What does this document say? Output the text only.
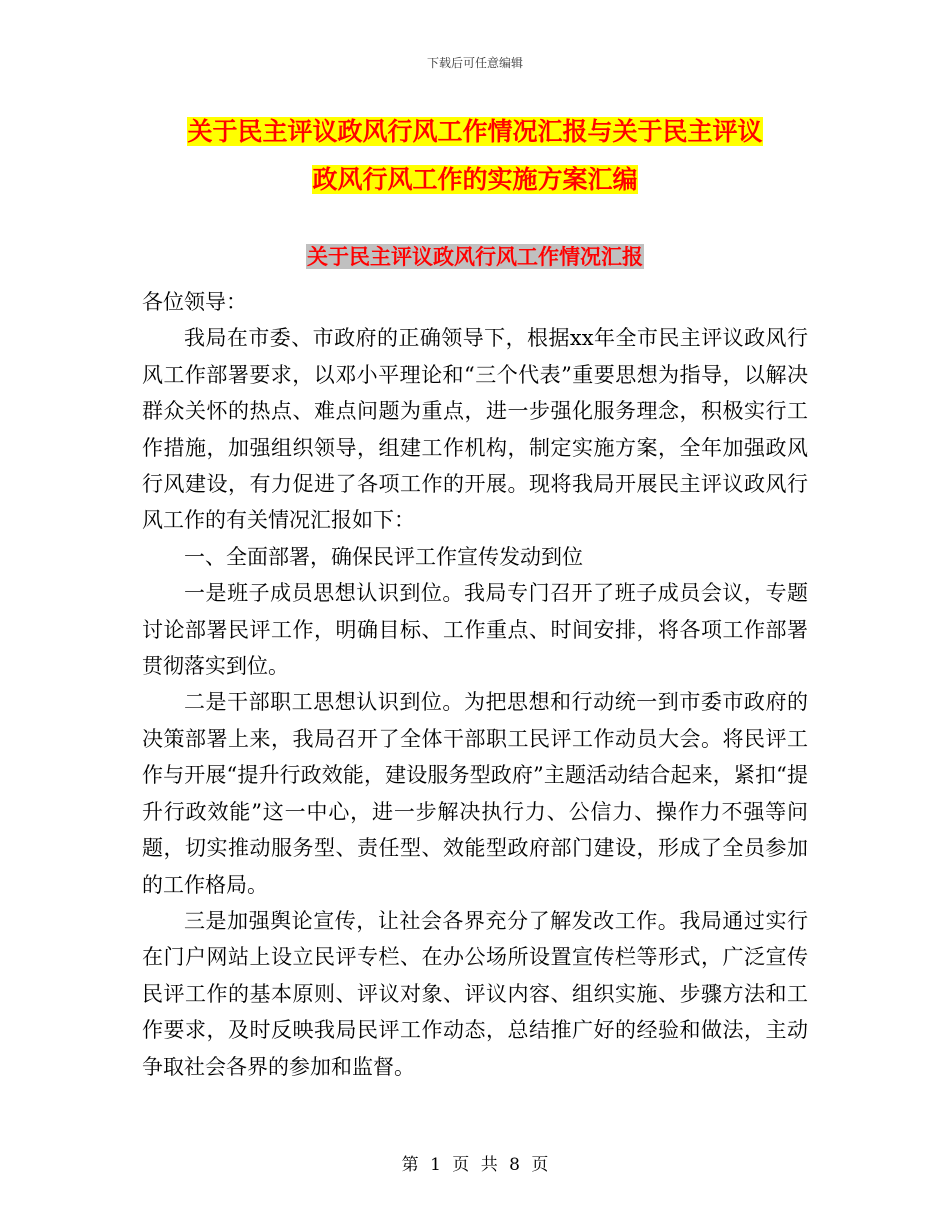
下载后可任意编辑
关于民主评议政风行风工作情况汇报与关于民主评议
政风行风工作的实施方案汇编
关于民主评议政风行风工作情况汇报

各位领导：

我局在市委、市政府的正确领导下，根据xx年全市民主评议政风行风工作部署要求，以邓小平理论和“三个代表”重要思想为指导，以解决群众关怀的热点、难点问题为重点，进一步强化服务理念，积极实行工作措施，加强组织领导，组建工作机构，制定实施方案，全年加强政风行风建设，有力促进了各项工作的开展。现将我局开展民主评议政风行风工作的有关情况汇报如下：

一、全面部署，确保民评工作宣传发动到位

一是班子成员思想认识到位。我局专门召开了班子成员会议，专题讨论部署民评工作，明确目标、工作重点、时间安排，将各项工作部署贯彻落实到位。

二是干部职工思想认识到位。为把思想和行动统一到市委市政府的决策部署上来，我局召开了全体干部职工民评工作动员大会。将民评工作与开展“提升行政效能，建设服务型政府”主题活动结合起来，紧扣“提升行政效能”这一中心，进一步解决执行力、公信力、操作力不强等问题，切实推动服务型、责任型、效能型政府部门建设，形成了全员参加的工作格局。

三是加强舆论宣传，让社会各界充分了解发改工作。我局通过实行在门户网站上设立民评专栏、在办公场所设置宣传栏等形式，广泛宣传民评工作的基本原则、评议对象、评议内容、组织实施、步骤方法和工作要求，及时反映我局民评工作动态，总结推广好的经验和做法，主动争取社会各界的参加和监督。

第 1 页 共 8 页
